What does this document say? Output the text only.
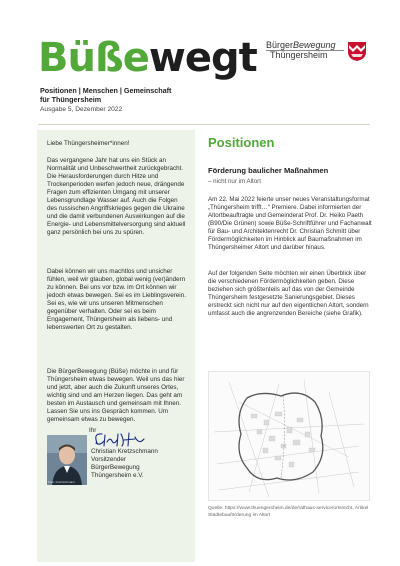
Büßewegt
Positionen | Menschen | Gemeinschaft
für Thüngersheim
Ausgabe 5, Dezember 2022
BürgerBewegung
Thüngersheim

Liebe Thüngersheimer*innen!

Das vergangene Jahr hat uns ein Stück an Normalität und Unbeschwertheit zurückgebracht. Die Herausforderungen durch Hitze und Trockenperioden werfen jedoch neue, drängende Fragen zum effizienten Umgang mit unserer Lebensgrundlage Wasser auf. Auch die Folgen des russischen Angriffskrieges gegen die Ukraine und die damit verbundenen Auswirkungen auf die Energie- und Lebensmittelversorgung sind aktuell ganz persönlich bei uns zu spüren.

Dabei können wir uns machtlos und unsicher fühlen, weil wir glauben, global wenig (ver)ändern zu können. Bei uns vor bzw. im Ort können wir jedoch etwas bewegen. Sei es im Lieblingsverein. Sei es, wie wir uns unseren Mitmenschen gegenüber verhalten. Oder sei es beim Engagement, Thüngersheim als liebens- und lebenswerten Ort zu gestalten.

Die BürgerBewegung (Büße) möchte in und für Thüngersheim etwas bewegen. Weil uns das hier und jetzt, aber auch die Zukunft unseres Ortes, wichtig sind und am Herzen liegen. Das geht am besten im Austausch und gemeinsam mit Ihnen. Lassen Sie uns ins Gespräch kommen. Um gemeinsam etwas zu bewegen.

Ihr
Foto: Kretzschmann
Christian Kretzschmann
Vorsitzender
BürgerBewegung
Thüngersheim e.V.
Positionen
Förderung baulicher Maßnahmen
– nicht nur im Altort

Am 22. Mai 2022 feierte unser neues Veranstaltungsformat „Thüngersheim trifft…“ Premiere. Dabei informierten der Altortbeauftragte und Gemeinderat Prof. Dr. Heiko Paeth (B90/Die Grünen) sowie Büße-Schriftführer und Fachanwalt für Bau- und Architektenrecht Dr. Christian Schmitt über Fördermöglichkeiten im Hinblick auf Baumaßnahmen im Thüngersheimer Altort und darüber hinaus.

Auf der folgenden Seite möchten wir einen Überblick über die verschiedenen Fördermöglichkeiten geben. Diese beziehen sich größtenteils auf das von der Gemeinde Thüngersheim festgesetzte Sanierungsgebiet. Dieses erstreckt sich nicht nur auf den eigentlichen Altort, sondern umfasst auch die angrenzenden Bereiche (siehe Grafik).

Quelle: https://www.thuengersheim.de/de/rathaus-service/ortsrecht, Artikel Städtebauförderung im Altort
